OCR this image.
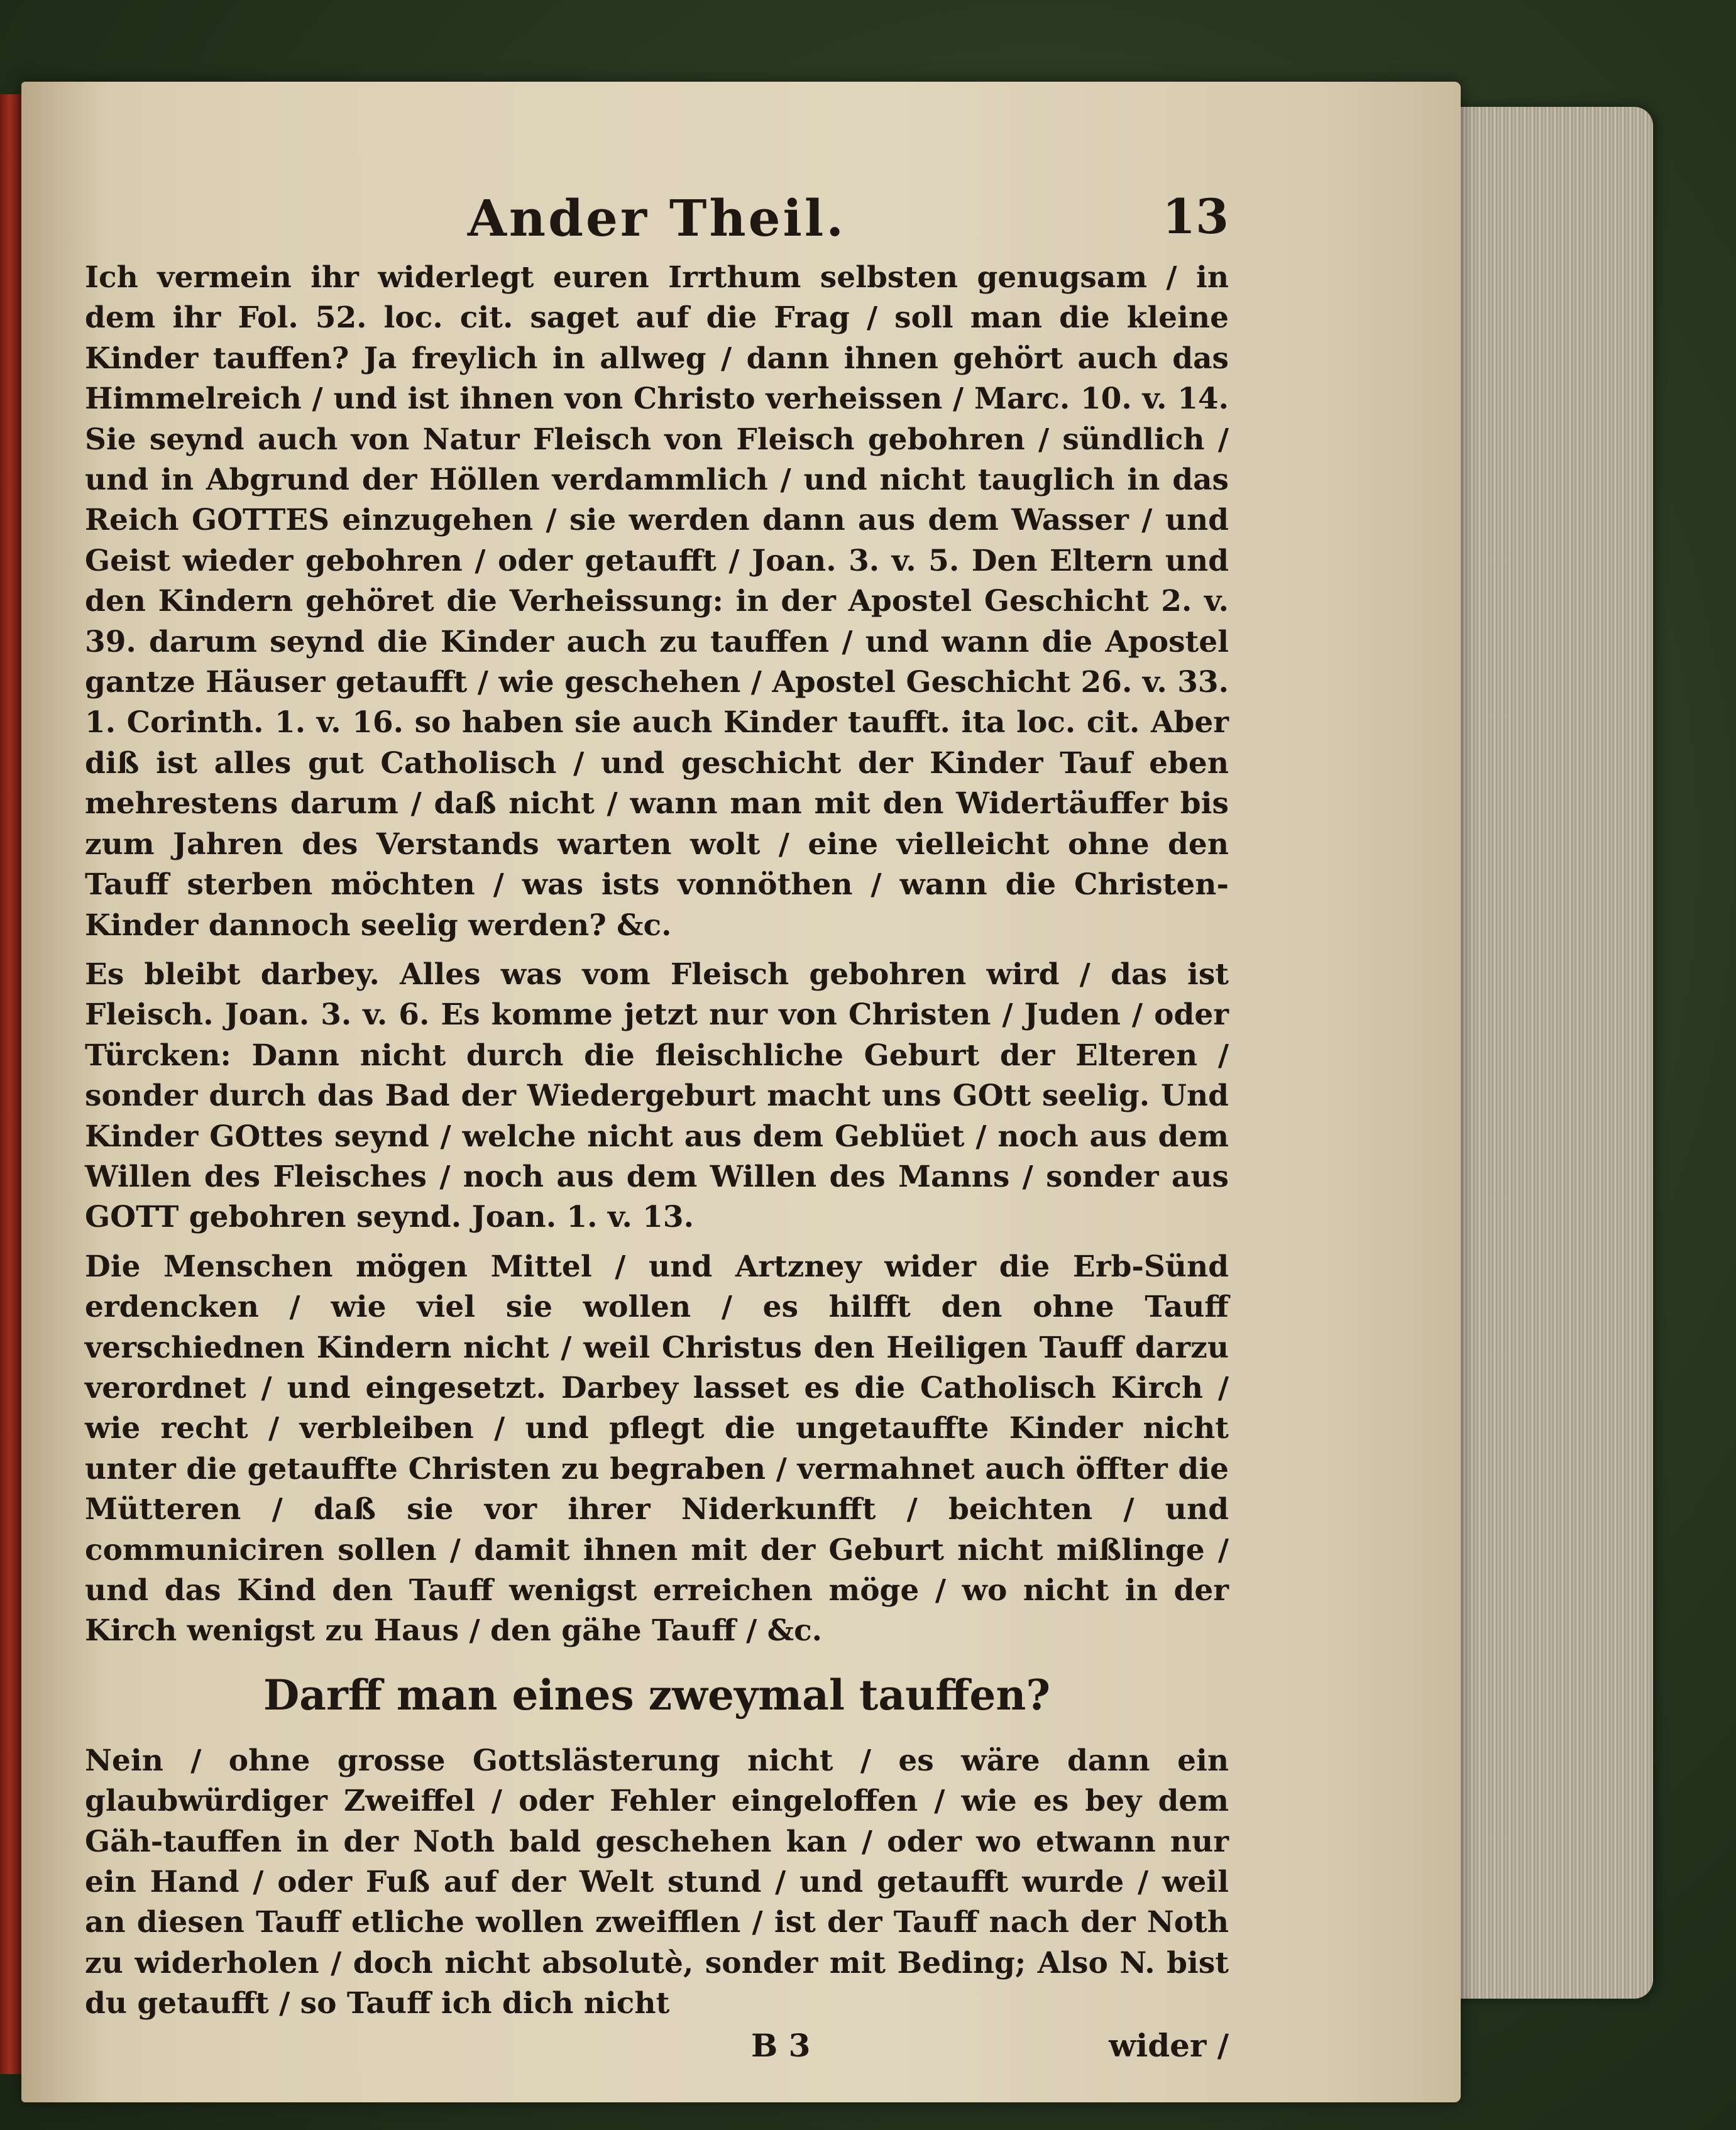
Ander Theil.	13

Ich vermein ihr widerlegt euren Irrthum selbsten genugsam / in dem ihr Fol. 52. loc. cit. saget auf die Frag / soll man die kleine Kinder tauffen? Ja freylich in allweg / dann ihnen gehört auch das Himmelreich / und ist ihnen von Christo verheissen / Marc. 10. v. 14. Sie seynd auch von Natur Fleisch von Fleisch gebohren / sündlich / und in Abgrund der Höllen verdammlich / und nicht tauglich in das Reich GOTTES einzugehen / sie werden dann aus dem Wasser / und Geist wieder gebohren / oder getaufft / Joan. 3. v. 5. Den Eltern und den Kindern gehöret die Verheissung: in der Apostel Geschicht 2. v. 39. darum seynd die Kinder auch zu tauffen / und wann die Apostel gantze Häuser getaufft / wie geschehen / Apostel Geschicht 26. v. 33. 1. Corinth. 1. v. 16. so haben sie auch Kinder taufft. ita loc. cit. Aber diß ist alles gut Catholisch / und geschicht der Kinder Tauf eben mehrestens darum / daß nicht / wann man mit den Widertäuffer bis zum Jahren des Verstands warten wolt / eine vielleicht ohne den Tauff sterben möchten / was ists vonnöthen / wann die Christen-Kinder dannoch seelig werden? &c.

Es bleibt darbey. Alles was vom Fleisch gebohren wird / das ist Fleisch. Joan. 3. v. 6. Es komme jetzt nur von Christen / Juden / oder Türcken: Dann nicht durch die fleischliche Geburt der Elteren / sonder durch das Bad der Wiedergeburt macht uns GOtt seelig. Und Kinder GOttes seynd / welche nicht aus dem Geblüet / noch aus dem Willen des Fleisches / noch aus dem Willen des Manns / sonder aus GOTT gebohren seynd. Joan. 1. v. 13.

Die Menschen mögen Mittel / und Artzney wider die Erb-Sünd erdencken / wie viel sie wollen / es hilfft den ohne Tauff verschiednen Kindern nicht / weil Christus den Heiligen Tauff darzu verordnet / und eingesetzt. Darbey lasset es die Catholisch Kirch / wie recht / verbleiben / und pflegt die ungetauffte Kinder nicht unter die getauffte Christen zu begraben / vermahnet auch öffter die Mütteren / daß sie vor ihrer Niderkunfft / beichten / und communiciren sollen / damit ihnen mit der Geburt nicht mißlinge / und das Kind den Tauff wenigst erreichen möge / wo nicht in der Kirch wenigst zu Haus / den gähe Tauff / &c.

Darff man eines zweymal tauffen?

Nein / ohne grosse Gottslästerung nicht / es wäre dann ein glaubwürdiger Zweiffel / oder Fehler eingeloffen / wie es bey dem Gäh-tauffen in der Noth bald geschehen kan / oder wo etwann nur ein Hand / oder Fuß auf der Welt stund / und getaufft wurde / weil an diesen Tauff etliche wollen zweifflen / ist der Tauff nach der Noth zu widerholen / doch nicht absolutè, sonder mit Beding; Also N. bist du getaufft / so Tauff ich dich nicht

B 3	wider /
